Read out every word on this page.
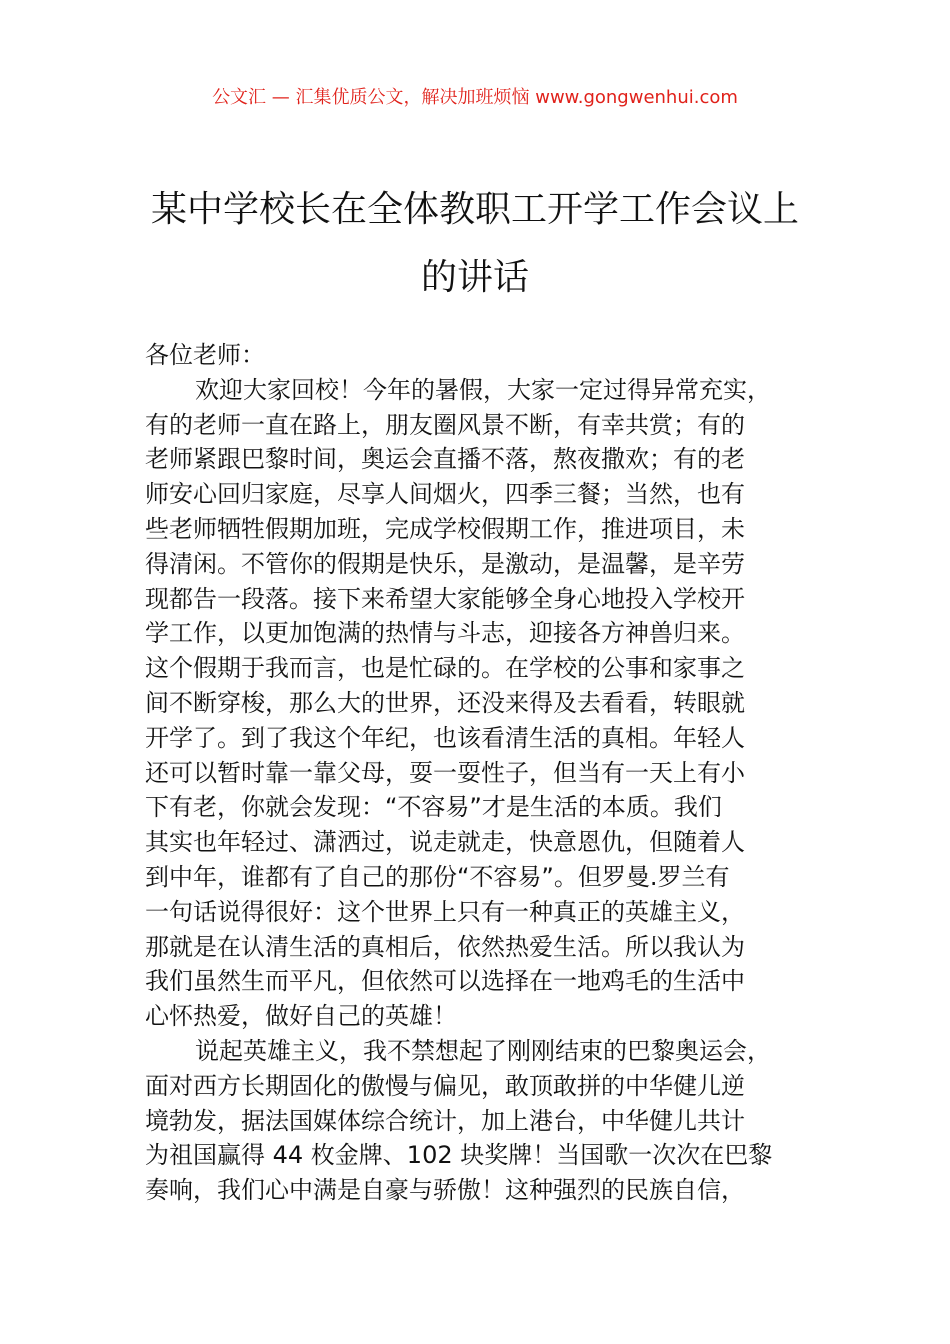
公文汇 — 汇集优质公文，解决加班烦恼 www.gongwenhui.com
某中学校长在全体教职工开学工作会议上
的讲话
各位老师：
欢迎大家回校！今年的暑假，大家一定过得异常充实，
有的老师一直在路上，朋友圈风景不断，有幸共赏；有的
老师紧跟巴黎时间，奥运会直播不落，熬夜撒欢；有的老
师安心回归家庭，尽享人间烟火，四季三餐；当然，也有
些老师牺牲假期加班，完成学校假期工作，推进项目，未
得清闲。不管你的假期是快乐，是激动，是温馨，是辛劳
现都告一段落。接下来希望大家能够全身心地投入学校开
学工作，以更加饱满的热情与斗志，迎接各方神兽归来。
这个假期于我而言，也是忙碌的。在学校的公事和家事之
间不断穿梭，那么大的世界，还没来得及去看看，转眼就
开学了。到了我这个年纪，也该看清生活的真相。年轻人
还可以暂时靠一靠父母，耍一耍性子，但当有一天上有小
下有老，你就会发现：“不容易”才是生活的本质。我们
其实也年轻过、潇洒过，说走就走，快意恩仇，但随着人
到中年，谁都有了自己的那份“不容易”。但罗曼.罗兰有
一句话说得很好：这个世界上只有一种真正的英雄主义，
那就是在认清生活的真相后，依然热爱生活。所以我认为
我们虽然生而平凡，但依然可以选择在一地鸡毛的生活中
心怀热爱，做好自己的英雄！
说起英雄主义，我不禁想起了刚刚结束的巴黎奥运会，
面对西方长期固化的傲慢与偏见，敢顶敢拼的中华健儿逆
境勃发，据法国媒体综合统计，加上港台，中华健儿共计
为祖国赢得 44 枚金牌、102 块奖牌！当国歌一次次在巴黎
奏响，我们心中满是自豪与骄傲！这种强烈的民族自信，
